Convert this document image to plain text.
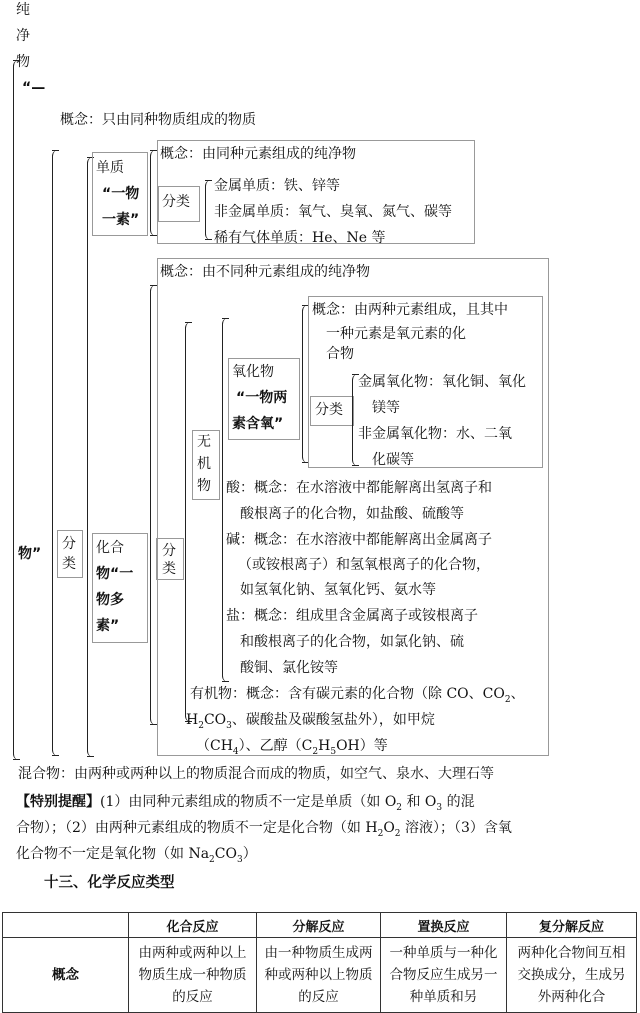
纯
净
物
“—
物”
概念：只由同种物质组成的物质
分类
单质
“一物
一素”
概念：由同种元素组成的纯净物
分类
金属单质：铁、锌等
非金属单质：氧气、臭氧、氮气、碳等
稀有气体单质：He、Ne 等
化合
物“一
物多
素”
概念：由不同种元素组成的纯净物
分类
无
机
物
氧化物
“一物两
素含氧”
概念：由两种元素组成，且其中
一种元素是氧元素的化
合物
分类
金属氧化物：氧化铜、氧化
镁等
非金属氧化物：水、二氧
化碳等
酸：概念：在水溶液中都能解离出氢离子和
酸根离子的化合物，如盐酸、硫酸等
碱：概念：在水溶液中都能解离出金属离子
（或铵根离子）和氢氧根离子的化合物，
如氢氧化钠、氢氧化钙、氨水等
盐：概念：组成里含金属离子或铵根离子
和酸根离子的化合物，如氯化钠、硫
酸铜、氯化铵等
有机物：概念：含有碳元素的化合物（除 CO、$CO_2$、
$H_2CO_3$、碳酸盐及碳酸氢盐外），如甲烷
$(CH_4)$、乙醇$(C_2H_5OH)$等
混合物：由两种或两种以上的物质混合而成的物质，如空气、泉水、大理石等
【特别提醒】(1）由同种元素组成的物质不一定是单质（如 $O_2$ 和 $O_3$ 的混
合物）；（2）由两种元素组成的物质不一定是化合物（如 $H_2O_2$ 溶液）；（3）含氧
化合物不一定是氧化物（如 $Na_2CO_3$）
十三、化学反应类型
	化合反应	分解反应	置换反应	复分解反应
概念	由两种或两种以上物质生成一种物质的反应	由一种物质生成两种或两种以上物质的反应	一种单质与一种化合物反应生成另一种单质和另	两种化合物间互相交换成分，生成另外两种化合
